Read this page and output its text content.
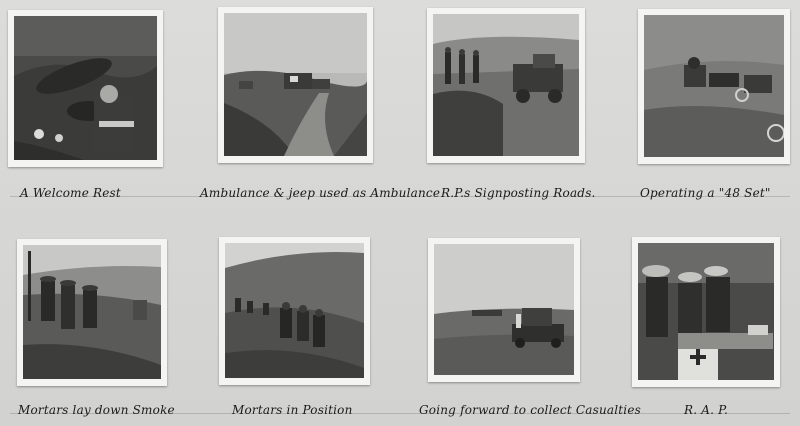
A Welcome Rest	Ambulance & jeep used as Ambulance R.P.s Signposting Roads.	Operating a "48 Set"
Mortars lay down Smoke	Mortars in Position	Going forward to collect Casualties	R. A. P.
